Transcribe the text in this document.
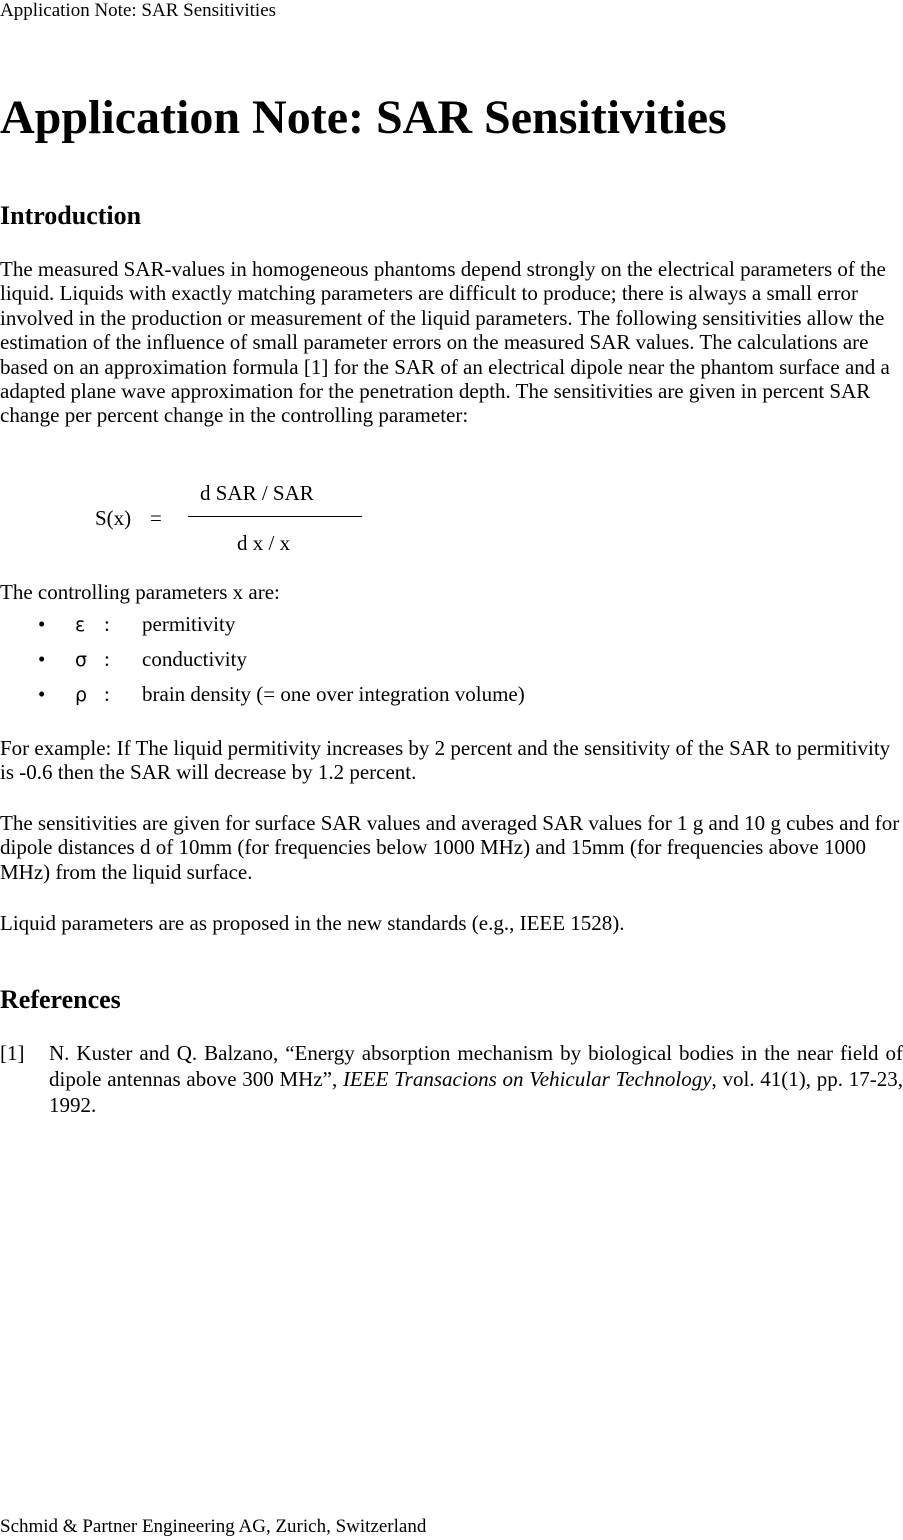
Application Note: SAR Sensitivities
Application Note: SAR Sensitivities
Introduction

The measured SAR-values in homogeneous phantoms depend strongly on the electrical parameters of the liquid. Liquids with exactly matching parameters are difficult to produce; there is always a small error involved in the production or measurement of the liquid parameters. The following sensitivities allow the estimation of the influence of small parameter errors on the measured SAR values. The calculations are based on an approximation formula [1] for the SAR of an electrical dipole near the phantom surface and a adapted plane wave approximation for the penetration depth. The sensitivities are given in percent SAR change per percent change in the controlling parameter:

S(x) =
d SAR / SAR
d x / x

The controlling parameters x are:

• ε : permitivity
• σ : conductivity
• ρ : brain density (= one over integration volume)

For example: If The liquid permitivity increases by 2 percent and the sensitivity of the SAR to permitivity is -0.6 then the SAR will decrease by 1.2 percent.

The sensitivities are given for surface SAR values and averaged SAR values for 1 g and 10 g cubes and for dipole distances d of 10mm (for frequencies below 1000 MHz) and 15mm (for frequencies above 1000 MHz) from the liquid surface.

Liquid parameters are as proposed in the new standards (e.g., IEEE 1528).

References
[1] N. Kuster and Q. Balzano, “Energy absorption mechanism by biological bodies in the near field of dipole antennas above 300 MHz”, IEEE Transacions on Vehicular Technology, vol. 41(1), pp. 17-23, 1992.
Schmid & Partner Engineering AG, Zurich, Switzerland
